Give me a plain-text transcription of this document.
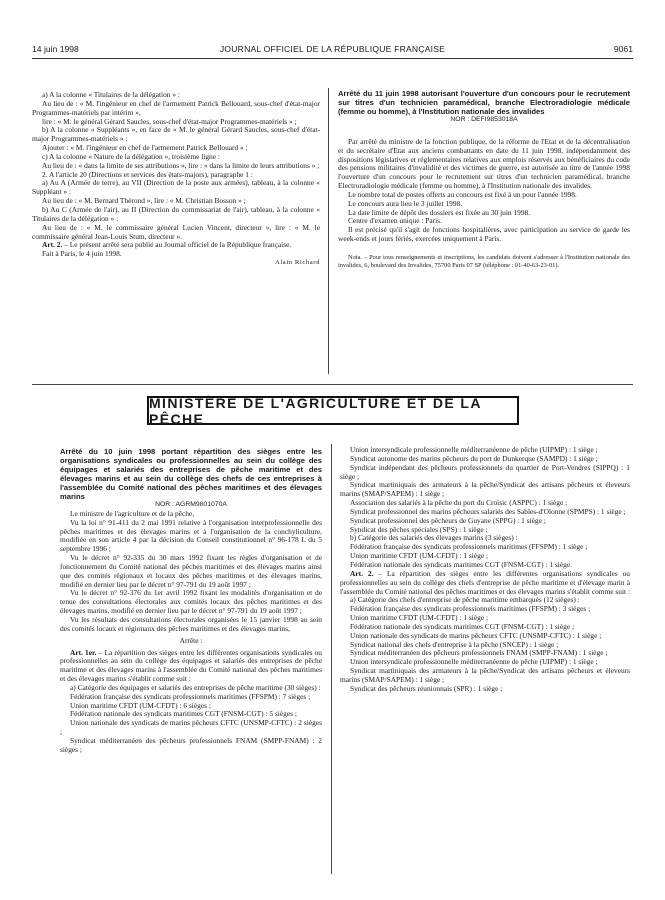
14 juin 1998	JOURNAL OFFICIEL DE LA RÉPUBLIQUE FRANÇAISE	9061

a) A la colonne « Titulaires de la délégation » :

Au lieu de : « M. l'ingénieur en chef de l'armement Patrick Bellouard, sous-chef d'état-major Programmes-matériels par intérim »,

lire : « M. le général Gérard Saucles, sous-chef d'état-major Programmes-matériels » ;

b) A la colonne « Suppléants », en face de « M. le général Gérard Saucles, sous-chef d'état-major Programmes-matériels » :

Ajouter : « M. l'ingénieur en chef de l'armement Patrick Bellouard » ;

c) A la colonne « Nature de la délégation », troisième ligne :

Au lieu de : « dans la limite de ses attributions », lire : « dans la limite de leurs attributions » ;

2. A l'article 20 (Directions et services des états-majors), paragraphe 1 :

a) Au A (Armée de terre), au VII (Direction de la poste aux armées), tableau, à la colonne « Suppléant » :

Au lieu de : « M. Bernard Thérond », lire : « M. Christian Bosson » ;

b) Au C (Armée de l'air), au II (Direction du commissariat de l'air), tableau, à la colonne « Titulaires de la délégation » :

Au lieu de : « M. le commissaire général Lucien Vincent, directeur », lire : « M. le commissaire général Jean-Louis Stum, directeur ».

Art. 2. – Le présent arrêté sera publié au Journal officiel de la République française.

Fait à Paris, le 4 juin 1998.

Alain Richard

Arrêté du 11 juin 1998 autorisant l'ouverture d'un concours pour le recrutement sur titres d'un technicien paramédical, branche Electroradiologie médicale (femme ou homme), à l'Institution nationale des invalides

NOR : DEFI9853018A

Par arrêté du ministre de la fonction publique, de la réforme de l'Etat et de la décentralisation et du secrétaire d'Etat aux anciens combattants en date du 11 juin 1998, indépendamment des dispositions législatives et réglementaires relatives aux emplois réservés aux bénéficiaires du code des pensions militaires d'invalidité et des victimes de guerre, est autorisée au titre de l'année 1998 l'ouverture d'un concours pour le recrutement sur titres d'un technicien paramédical, branche Electroradiologie médicale (femme ou homme), à l'Institution nationale des invalides.

Le nombre total de postes offerts au concours est fixé à un pour l'année 1998.

Le concours aura lieu le 3 juillet 1998.

La date limite de dépôt des dossiers est fixée au 30 juin 1998.

Centre d'examen unique : Paris.

Il est précisé qu'il s'agit de fonctions hospitalières, avec participation au service de garde les week-ends et jours fériés, exercées uniquement à Paris.

Nota. – Pour tous renseignements et inscriptions, les candidats doivent s'adresser à l'Institution nationale des invalides, 6, boulevard des Invalides, 75700 Paris 07 SP (téléphone : 01-40-63-23-01).

MINISTÈRE DE L'AGRICULTURE ET DE LA PÊCHE

Arrêté du 10 juin 1998 portant répartition des sièges entre les organisations syndicales ou professionnelles au sein du collège des équipages et salariés des entreprises de pêche maritime et des élevages marins et au sein du collège des chefs de ces entreprises à l'assemblée du Comité national des pêches maritimes et des élevages marins

NOR : AGRM9801070A

Le ministre de l'agriculture et de la pêche,

Vu la loi n° 91-411 du 2 mai 1991 relative à l'organisation interprofessionnelle des pêches maritimes et des élevages marins et à l'organisation de la conchyliculture, modifiée en son article 4 par la décision du Conseil constitutionnel n° 96-178 L du 5 septembre 1996 ;

Vu le décret n° 92-335 du 30 mars 1992 fixant les règles d'organisation et de fonctionnement du Comité national des pêches maritimes et des élevages marins ainsi que des comités régionaux et locaux des pêches maritimes et des élevages marins, modifié en dernier lieu par le décret n° 97-791 du 19 août 1997 ;

Vu le décret n° 92-376 du 1er avril 1992 fixant les modalités d'organisation et de tenue des consultations électorales aux comités locaux des pêches maritimes et des élevages marins, modifié en dernier lieu par le décret n° 97-791 du 19 août 1997 ;

Vu les résultats des consultations électorales organisées le 15 janvier 1998 au sein des comités locaux et régionaux des pêches maritimes et des élevages marins,

Arrête :

Art. 1er. – La répartition des sièges entre les différentes organisations syndicales ou professionnelles au sein du collège des équipages et salariés des entreprises de pêche maritime et des élevages marins à l'assemblée du Comité national des pêches maritimes et des élevages marins s'établit comme suit :

a) Catégorie des équipages et salariés des entreprises de pêche maritime (30 sièges) :

Fédération française des syndicats professionnels maritimes (FFSPM) : 7 sièges ;

Union maritime CFDT (UM-CFDT) : 6 sièges ;

Fédération nationale des syndicats maritimes CGT (FNSM-CGT) : 5 sièges ;

Union nationale des syndicats de marins pêcheurs CFTC (UNSMP-CFTC) : 2 sièges ;

Syndicat méditerranéen des pêcheurs professionnels FNAM (SMPP-FNAM) : 2 sièges ;

Union intersyndicale professionnelle méditerranéenne de pêche (UIPMP) : 1 siège ;

Syndicat autonome des marins pêcheurs du port de Dunkerque (SAMPD) : 1 siège ;

Syndicat indépendant des pêcheurs professionnels du quartier de Port-Vendres (SIPPQ) : 1 siège ;

Syndicat martiniquais des armateurs à la pêche/Syndicat des artisans pêcheurs et éleveurs marins (SMAP/SAPEM) : 1 siège ;

Association des salariés à la pêche du port du Croisic (ASPPC) : 1 siège ;

Syndicat professionnel des marins pêcheurs salariés des Sables-d'Olonne (SPMPS) : 1 siège ;

Syndicat professionnel des pêcheurs de Guyane (SPPG) : 1 siège ;

Syndicat des pêches spéciales (SPS) : 1 siège ;

b) Catégorie des salariés des élevages marins (3 sièges) :

Fédération française des syndicats professionnels maritimes (FFSPM) : 1 siège ;

Union maritime CFDT (UM-CFDT) : 1 siège ;

Fédération nationale des syndicats maritimes CGT (FNSM-CGT) : 1 siège.

Art. 2. – La répartition des sièges entre les différentes organisations syndicales ou professionnelles au sein du collège des chefs d'entreprise de pêche maritime et d'élevage marin à l'assemblée du Comité national des pêches maritimes et des élevages marins s'établit comme suit :

a) Catégorie des chefs d'entreprise de pêche maritime embarqués (12 sièges) :

Fédération française des syndicats professionnels maritimes (FFSPM) : 3 sièges ;

Union maritime CFDT (UM-CFDT) : 1 siège ;

Fédération nationale des syndicats maritimes CGT (FNSM-CGT) : 1 siège ;

Union nationale des syndicats de marins pêcheurs CFTC (UNSMP-CFTC) : 1 siège ;

Syndicat national des chefs d'entreprise à la pêche (SNCEP) : 1 siège ;

Syndicat méditerranéen des pêcheurs professionnels FNAM (SMPP-FNAM) : 1 siège ;

Union intersyndicale professionnelle méditerranéenne de pêche (UIPMP) : 1 siège ;

Syndicat martiniquais des armateurs à la pêche/Syndicat des artisans pêcheurs et éleveurs marins (SMAP/SAPEM) : 1 siège ;

Syndicat des pêcheurs réunionnais (SPR) : 1 siège ;
